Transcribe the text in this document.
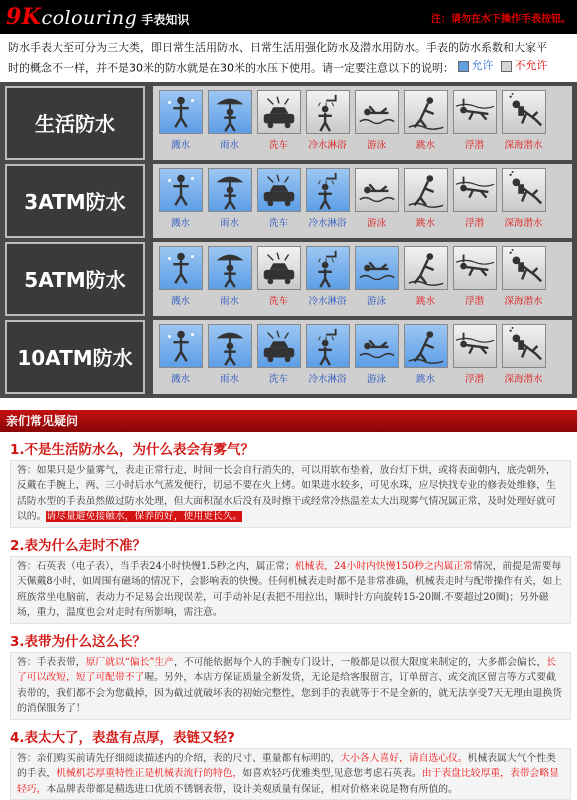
9Kcolouring 手表知识	注：请勿在水下操作手表按钮。
防水手表大至可分为三大类，即日常生活用防水、日常生活用强化防水及潜水用防水。手表的防水系数和大家平
时的概念不一样，并不是30米的防水就是在30米的水压下使用。请一定要注意以下的说明： 允许 不允许
生活防水
溅水	雨水	洗车 冷水淋浴 游泳	跳水	浮潜 深海潜水
3ATM防水
溅水	雨水	洗车 冷水淋浴 游泳	跳水	浮潜 深海潜水
5ATM防水
溅水	雨水	洗车 冷水淋浴 游泳	跳水	浮潜 深海潜水
10ATM防水
溅水	雨水	洗车 冷水淋浴 游泳	跳水	浮潜 深海潜水
亲们常见疑问
1.不是生活防水么，为什么表会有雾气？
答：如果只是少量雾气，表走正常行走，时间一长会自行消失的，可以用软布垫着，放台灯下烘，或将表面朝内，底壳朝外，反戴在手腕上，两、三小时后水气蒸发便行，切忌不要在火上烤。如果进水较多，可见水珠，应尽快找专业的修表处维修，生活防水型的手表虽然做过防水处理，但大面积湿水后没有及时擦干或经常冷热温差太大出现雾气情况属正常，及时处理好就可以的。请尽量避免接触水，保养的好，使用更长久。
2.表为什么走时不准？
答：石英表（电子表），当手表24小时快慢1.5秒之内，属正常；机械表，24小时内快慢150秒之内属正常情况，前提是需要每天佩戴8小时，如周围有磁场的情况下，会影响表的快慢。任何机械表走时都不是非常准确，机械表走时与配带操作有关，如上班族常坐电脑前，表动力不足易会出现误差，可手动补足(表把不用拉出，顺时针方向旋转15-20圈.不要超过20圈)；另外磁场，重力，温度也会对走时有所影响，需注意。
3.表带为什么这么长？
答：手表表带，原厂就以“偏长”生产，不可能依据每个人的手腕专门设计，一般都是以很大限度来制定的，大多都会偏长，长了可以改短，短了可配带不了喔。另外，本店方保证质量全新发货，无论是给客服留言，订单留言、或交流区留言等方式要截表带的，我们都不会为您截掉，因为截过就破坏表的初始完整性，您到手的表就等于不是全新的，就无法享受7天无理由退换货的消保服务了！
4.表太大了，表盘有点厚，表链又轻?
答：亲们购买前请先仔细阅读描述内的介绍，表的尺寸、重量都有标明的，大小各人喜好，请自选心仪。机械表属大气个性类的手表，机械机芯厚重特性正是机械表流行的特色，如喜欢轻巧优雅类型,见意您考虑石英表。由于表盘比较厚重，表带会略显轻巧，本品牌表带都是精选进口优质不锈钢表带，设计美观质量有保证，相对价格来说是物有所值的。
